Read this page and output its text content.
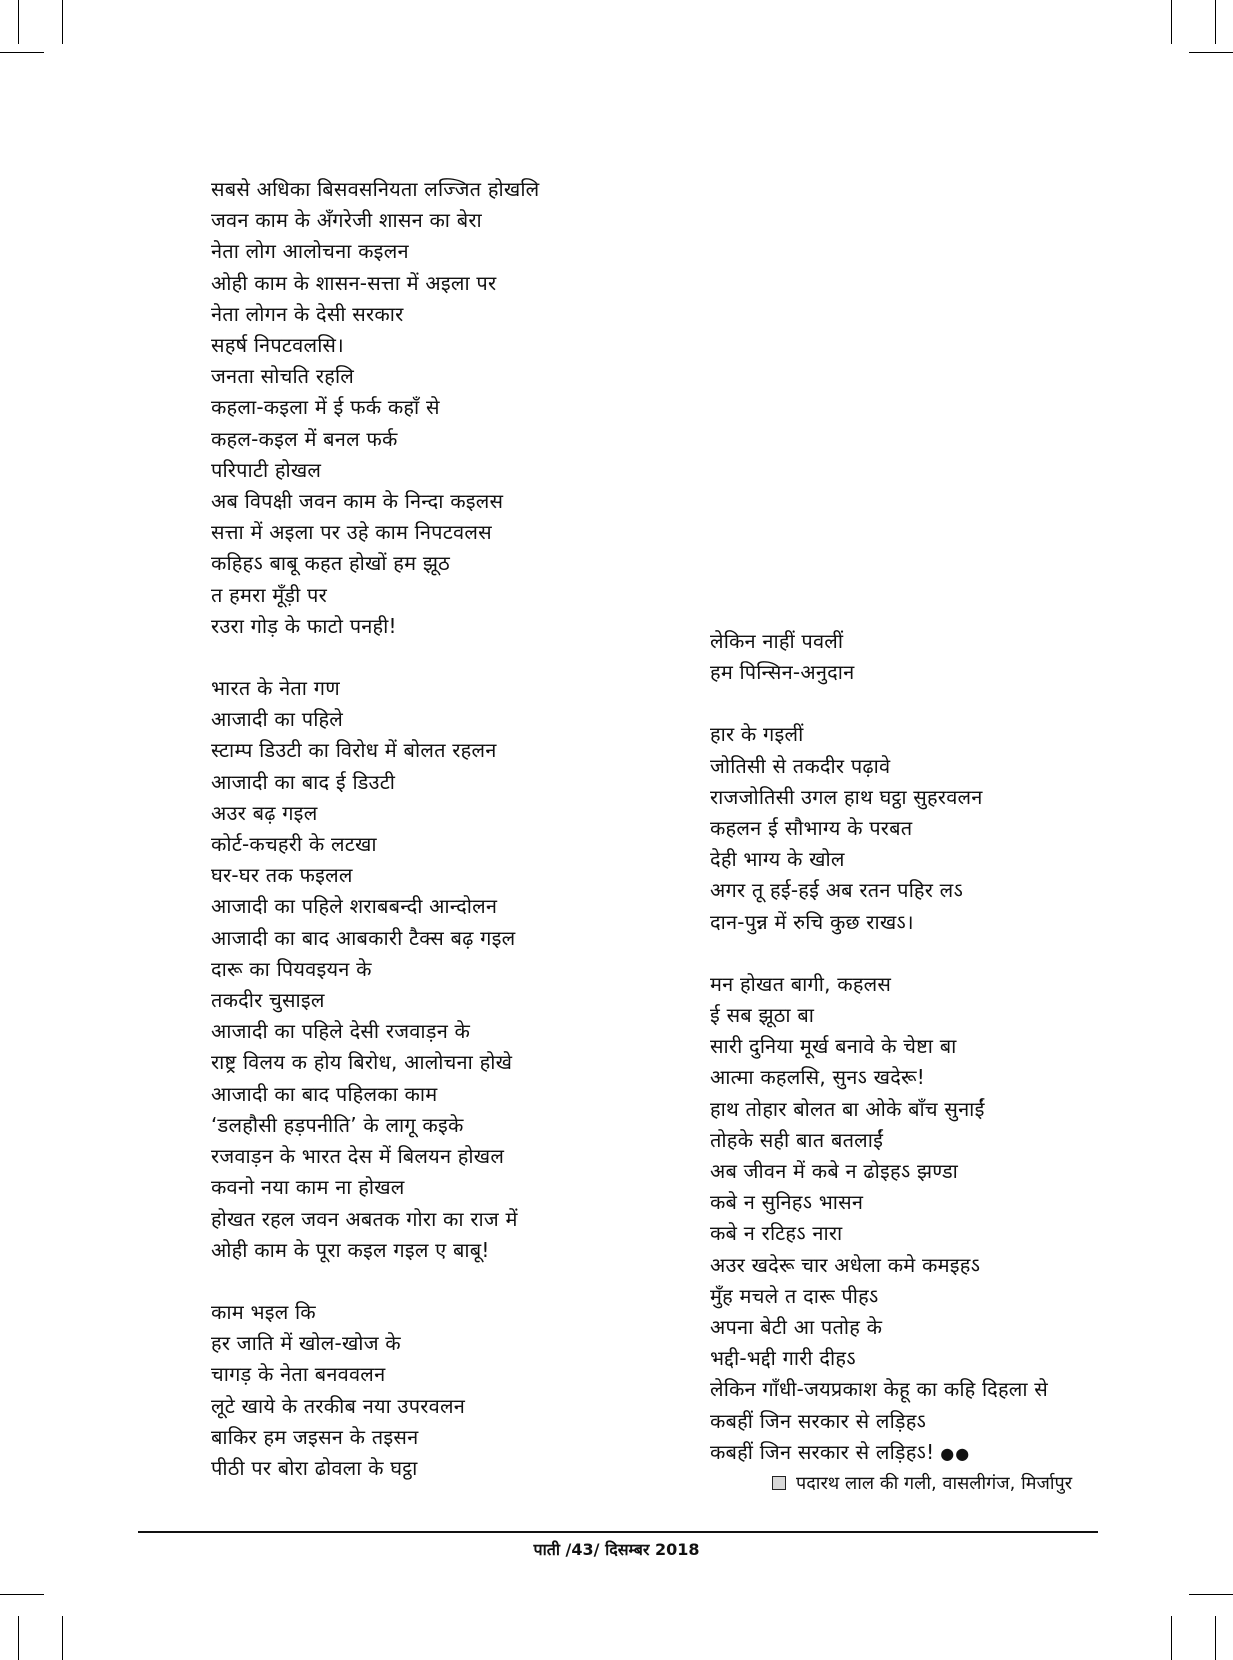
सबसे अधिका बिसवसनियता लज्जित होखलि
जवन काम के अँगरेजी शासन का बेरा
नेता लोग आलोचना कइलन
ओही काम के शासन-सत्ता में अइला पर
नेता लोगन के देसी सरकार
सहर्ष निपटवलसि।
जनता सोचति रहलि
कहला-कइला में ई फर्क कहाँ से
कहल-कइल में बनल फर्क
परिपाटी होखल
अब विपक्षी जवन काम के निन्दा कइलस
सत्ता में अइला पर उहे काम निपटवलस
कहिहऽ बाबू कहत होखों हम झूठ
त हमरा मूँड़ी पर
रउरा गोड़ के फाटो पनही!
भारत के नेता गण
आजादी का पहिले
स्टाम्प डिउटी का विरोध में बोलत रहलन
आजादी का बाद ई डिउटी
अउर बढ़ गइल
कोर्ट-कचहरी के लटखा
घर-घर तक फइलल
आजादी का पहिले शराबबन्दी आन्दोलन
आजादी का बाद आबकारी टैक्स बढ़ गइल
दारू का पियवइयन के
तकदीर चुसाइल
आजादी का पहिले देसी रजवाड़न के
राष्ट्र विलय क होय बिरोध, आलोचना होखे
आजादी का बाद पहिलका काम
‘डलहौसी हड़पनीति’ के लागू कइके
रजवाड़न के भारत देस में बिलयन होखल
कवनो नया काम ना होखल
होखत रहल जवन अबतक गोरा का राज में
ओही काम के पूरा कइल गइल ए बाबू!
काम भइल कि
हर जाति में खोल-खोज के
चागड़ के नेता बनववलन
लूटे खाये के तरकीब नया उपरवलन
बाकिर हम जइसन के तइसन
पीठी पर बोरा ढोवला के घट्ठा
लेकिन नाहीं पवलीं
हम पिन्सिन-अनुदान
हार के गइलीं
जोतिसी से तकदीर पढ़ावे
राजजोतिसी उगल हाथ घट्ठा सुहरवलन
कहलन ई सौभाग्य के परबत
देही भाग्य के खोल
अगर तू हई-हई अब रतन पहिर लऽ
दान-पुन्न में रुचि कुछ राखऽ।
मन होखत बागी, कहलस
ई सब झूठा बा
सारी दुनिया मूर्ख बनावे के चेष्टा बा
आत्मा कहलसि, सुनऽ खदेरू!
हाथ तोहार बोलत बा ओके बाँच सुनाईं
तोहके सही बात बतलाईं
अब जीवन में कबे न ढोइहऽ झण्डा
कबे न सुनिहऽ भासन
कबे न रटिहऽ नारा
अउर खदेरू चार अधेला कमे कमइहऽ
मुँह मचले त दारू पीहऽ
अपना बेटी आ पतोह के
भद्दी-भद्दी गारी दीहऽ
लेकिन गाँधी-जयप्रकाश केहू का कहि दिहला से
कबहीं जिन सरकार से लड़िहऽ
कबहीं जिन सरकार से लड़िहऽ! ●●
पदारथ लाल की गली, वासलीगंज, मिर्जापुर
पाती /43/ दिसम्बर 2018
